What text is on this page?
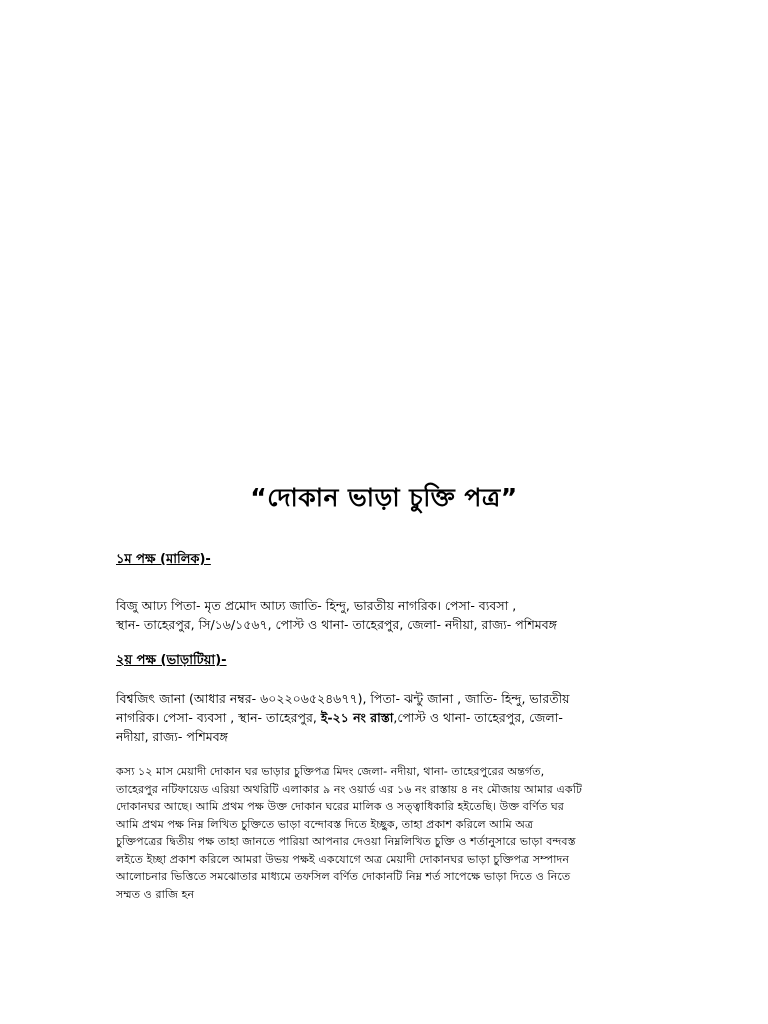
“দোকান ভাড়া চুক্তি পত্র”
১ম পক্ষ (মালিক)-

বিজু আঢ্য পিতা- মৃত প্রমোদ আঢ্য জাতি- হিন্দু, ভারতীয় নাগরিক। পেসা- ব্যবসা ,

স্থান- তাহেরপুর, সি/১৬/১৫৬৭, পোস্ট ও থানা- তাহেরপুর, জেলা- নদীয়া, রাজ্য- পশিমবঙ্গ

২য় পক্ষ (ভাড়াটিয়া)-

বিশ্বজিৎ জানা (আধার নম্বর- ৬০২২০৬৫২৪৬৭৭), পিতা- ঝন্টু জানা , জাতি- হিন্দু, ভারতীয়

নাগরিক। পেসা- ব্যবসা , স্থান- তাহেরপুর, ই-২১ নং রাস্তা,পোস্ট ও থানা- তাহেরপুর, জেলা-

নদীয়া, রাজ্য- পশিমবঙ্গ

কস্য ১২ মাস মেয়াদী দোকান ঘর ভাড়ার চুক্তিপত্র মিদং জেলা- নদীয়া, থানা- তাহেরপুরের অন্তর্গত,

তাহেরপুর নটিফায়েড এরিয়া অথরিটি এলাকার ৯ নং ওয়ার্ড এর ১৬ নং রাস্তায় ৪ নং মৌজায় আমার একটি

দোকানঘর আছে। আমি প্রথম পক্ষ উক্ত দোকান ঘরের মালিক ও সত্ত্বাধিকারি হইতেছি। উক্ত বর্ণিত ঘর

আমি প্রথম পক্ষ নিম্ন লিখিত চুক্তিতে ভাড়া বন্দোবস্ত দিতে ইচ্ছুক, তাহা প্রকাশ করিলে আমি অত্র

চুক্তিপত্রের দ্বিতীয় পক্ষ তাহা জানতে পারিয়া আপনার দেওয়া নিম্নলিখিত চুক্তি ও শর্তানুসারে ভাড়া বন্দবস্ত

লইতে ইচ্ছা প্রকাশ করিলে আমরা উভয় পক্ষই একযোগে অত্র মেয়াদী দোকানঘর ভাড়া চুক্তিপত্র সম্পাদন

আলোচনার ভিত্তিতে সমঝোতার মাধ্যমে তফসিল বর্ণিত দোকানটি নিম্ন শর্ত সাপেক্ষে ভাড়া দিতে ও নিতে

সম্মত ও রাজি হন
